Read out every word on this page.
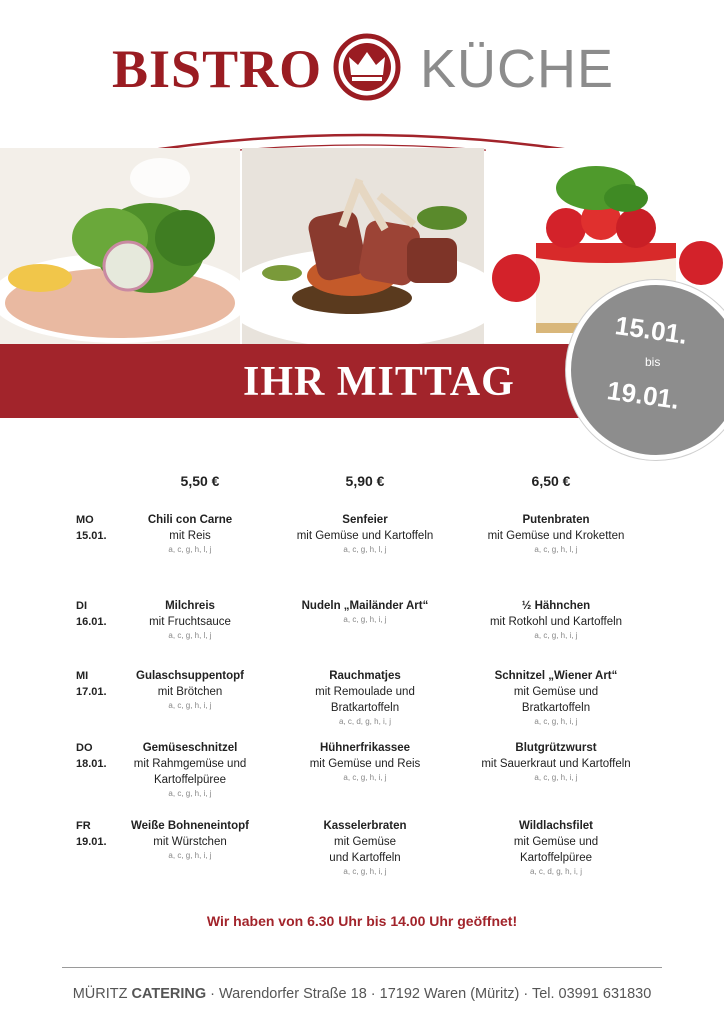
BISTRO KÜCHE
IHR MITTAG
15.01.
bis
19.01.
5,50 €	5,90 €	6,50 €
MO
15.01.
Chili con Carne
mit Reis
a, c, g, h, l, j
Senfeier
mit Gemüse und Kartoffeln
a, c, g, h, l, j
Putenbraten
mit Gemüse und Kroketten
a, c, g, h, l, j
DI
16.01.
Milchreis
mit Fruchtsauce
a, c, g, h, l, j
Nudeln „Mailänder Art“
a, c, g, h, i, j
½ Hähnchen
mit Rotkohl und Kartoffeln
a, c, g, h, i, j
MI
17.01.
Gulaschsuppentopf
mit Brötchen
a, c, g, h, i, j
Rauchmatjes
mit Remoulade und
Bratkartoffeln
a, c, d, g, h, i, j
Schnitzel „Wiener Art“
mit Gemüse und
Bratkartoffeln
a, c, g, h, i, j
DO
18.01.
Gemüseschnitzel
mit Rahmgemüse und
Kartoffelpüree
a, c, g, h, i, j
Hühnerfrikassee
mit Gemüse und Reis
a, c, g, h, i, j
Blutgrützwurst
mit Sauerkraut und Kartoffeln
a, c, g, h, i, j
FR
19.01.
Weiße Bohneneintopf
mit Würstchen
a, c, g, h, i, j
Kasselerbraten
mit Gemüse
und Kartoffeln
a, c, g, h, i, j
Wildlachsfilet
mit Gemüse und
Kartoffelpüree
a, c, d, g, h, i, j
Wir haben von 6.30 Uhr bis 14.00 Uhr geöffnet!
MÜRITZ CATERING · Warendorfer Straße 18 · 17192 Waren (Müritz) · Tel. 03991 631830
